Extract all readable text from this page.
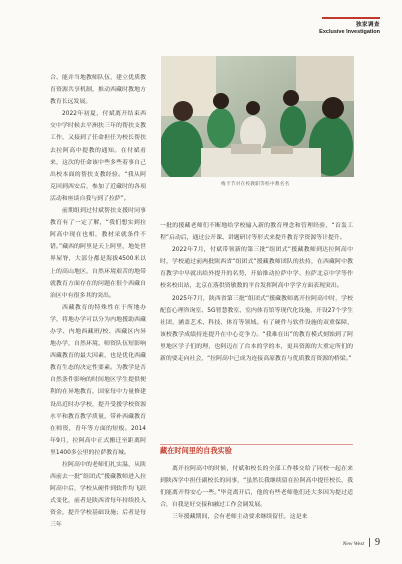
独家调查
Exclusive Investigation

合、能并当地教师队伍，建立优质教育资源共享机制，推动西藏时教地方教育长远发展。

2022年初夏，付斌离开结束西交中学时候去平洲扶三年的帮扶支教工作，又接到了任命担任为校长帮扶去拉阿高中提教的通知。在付斌看来，这次的任命该中些多些着事自己出校本面的帮扶支教经验。“我从阿克回到西安后，参加了近藏时的各项活动和座谈自我与到了拉萨”。

前期组到过付斌帮扶支援时同事教育有了一定了解，“我们想实到拉阿高中现在也相，教材采就条件不错。”藏西的阿里是天上阿里，地处世界屋脊，大部分都是海拔4500米以上的高山地区，自然环境艰苦的地带就教育方面存在的问题在很个西藏自治区中有很多其的突出。

西藏教育的特殊性在于所地办学，将地办学可以分为内地援助西藏办学、内地西藏班/校、西藏区内异地办学，自然环境、师资队伍短影响西藏教育的最大因素，也是优化西藏教育生态的决定性要素。为教学是否自然条件影响的时间地区学生提供便利的在异地教育，国家每中力量修建设出近时办学校，提升受援学校资源水平和教育教学质量，带补西藏教育在师资，青年等方面的短板。2014年9月，拉阿高中正式搬迁至距离阿里1400多公里的拉萨教育城。

拉阿高中的老师们扎实温，从陕西前去一批“组团式”援藏教师进入拉阿高中后，学校从硬件到软件均飞跃式变化，前者是陕西省每年持续投入资金，提升学校基础设施；后者是每三年

梅卡节对在校教职等校中教名名

一批的援藏老师们不断地给学校输入新的教育理念和管理经验，“首轰工程”启动后，通过公开课、讲题研讨等形式来提升教育学资源等计提升。

2022年7月，付斌带领新的第三批“组团式”援藏教师到达拉阿高中时，学校通过前两批陕西省“组团式”援藏教师团队的扶持，在西藏阿中教育教学中早就出给外提升的名势，开始推动拉萨中学、拉萨北京中学等作校名校出站，北京在落供资敏数的平台发挥阿高中学学方面表现突出。

2025年7月，陕西省第三批“组团式”援藏教师离开拉阿高中时，学校配套心理咨询室、5G智慧教室、室内体育馆等现代化设施，开设27个学生社团，涵盖艺术、科技、体育等领域。有了硬件与软件设施的双重保障，该校教学成绩持连提升在中心竞争力。“我难在出”的教育模式刻蚀到了阿里地区学子们的理，也阿迈在了台本的学的本，更具资源的大重定所们的新的要走向社会，“拉阿高中已成为连接高原教育与优质教育资源的桥梁。”

藏在时间里的自我实验

离开拉阿高中的时候，付斌和校长的全部工作移交给了同校一起在来到陕西学中担任副校长的同事，“虽然长我继续留在拉阿高中提任校长，我们能离开得安心一些。”毕竟离开后，他的有些老师他们还大多因为提过适合，自我是好交接和融过工作会调发展。

三年援藏期间，会有老师主动要求继续留任，这是来

New West 9
